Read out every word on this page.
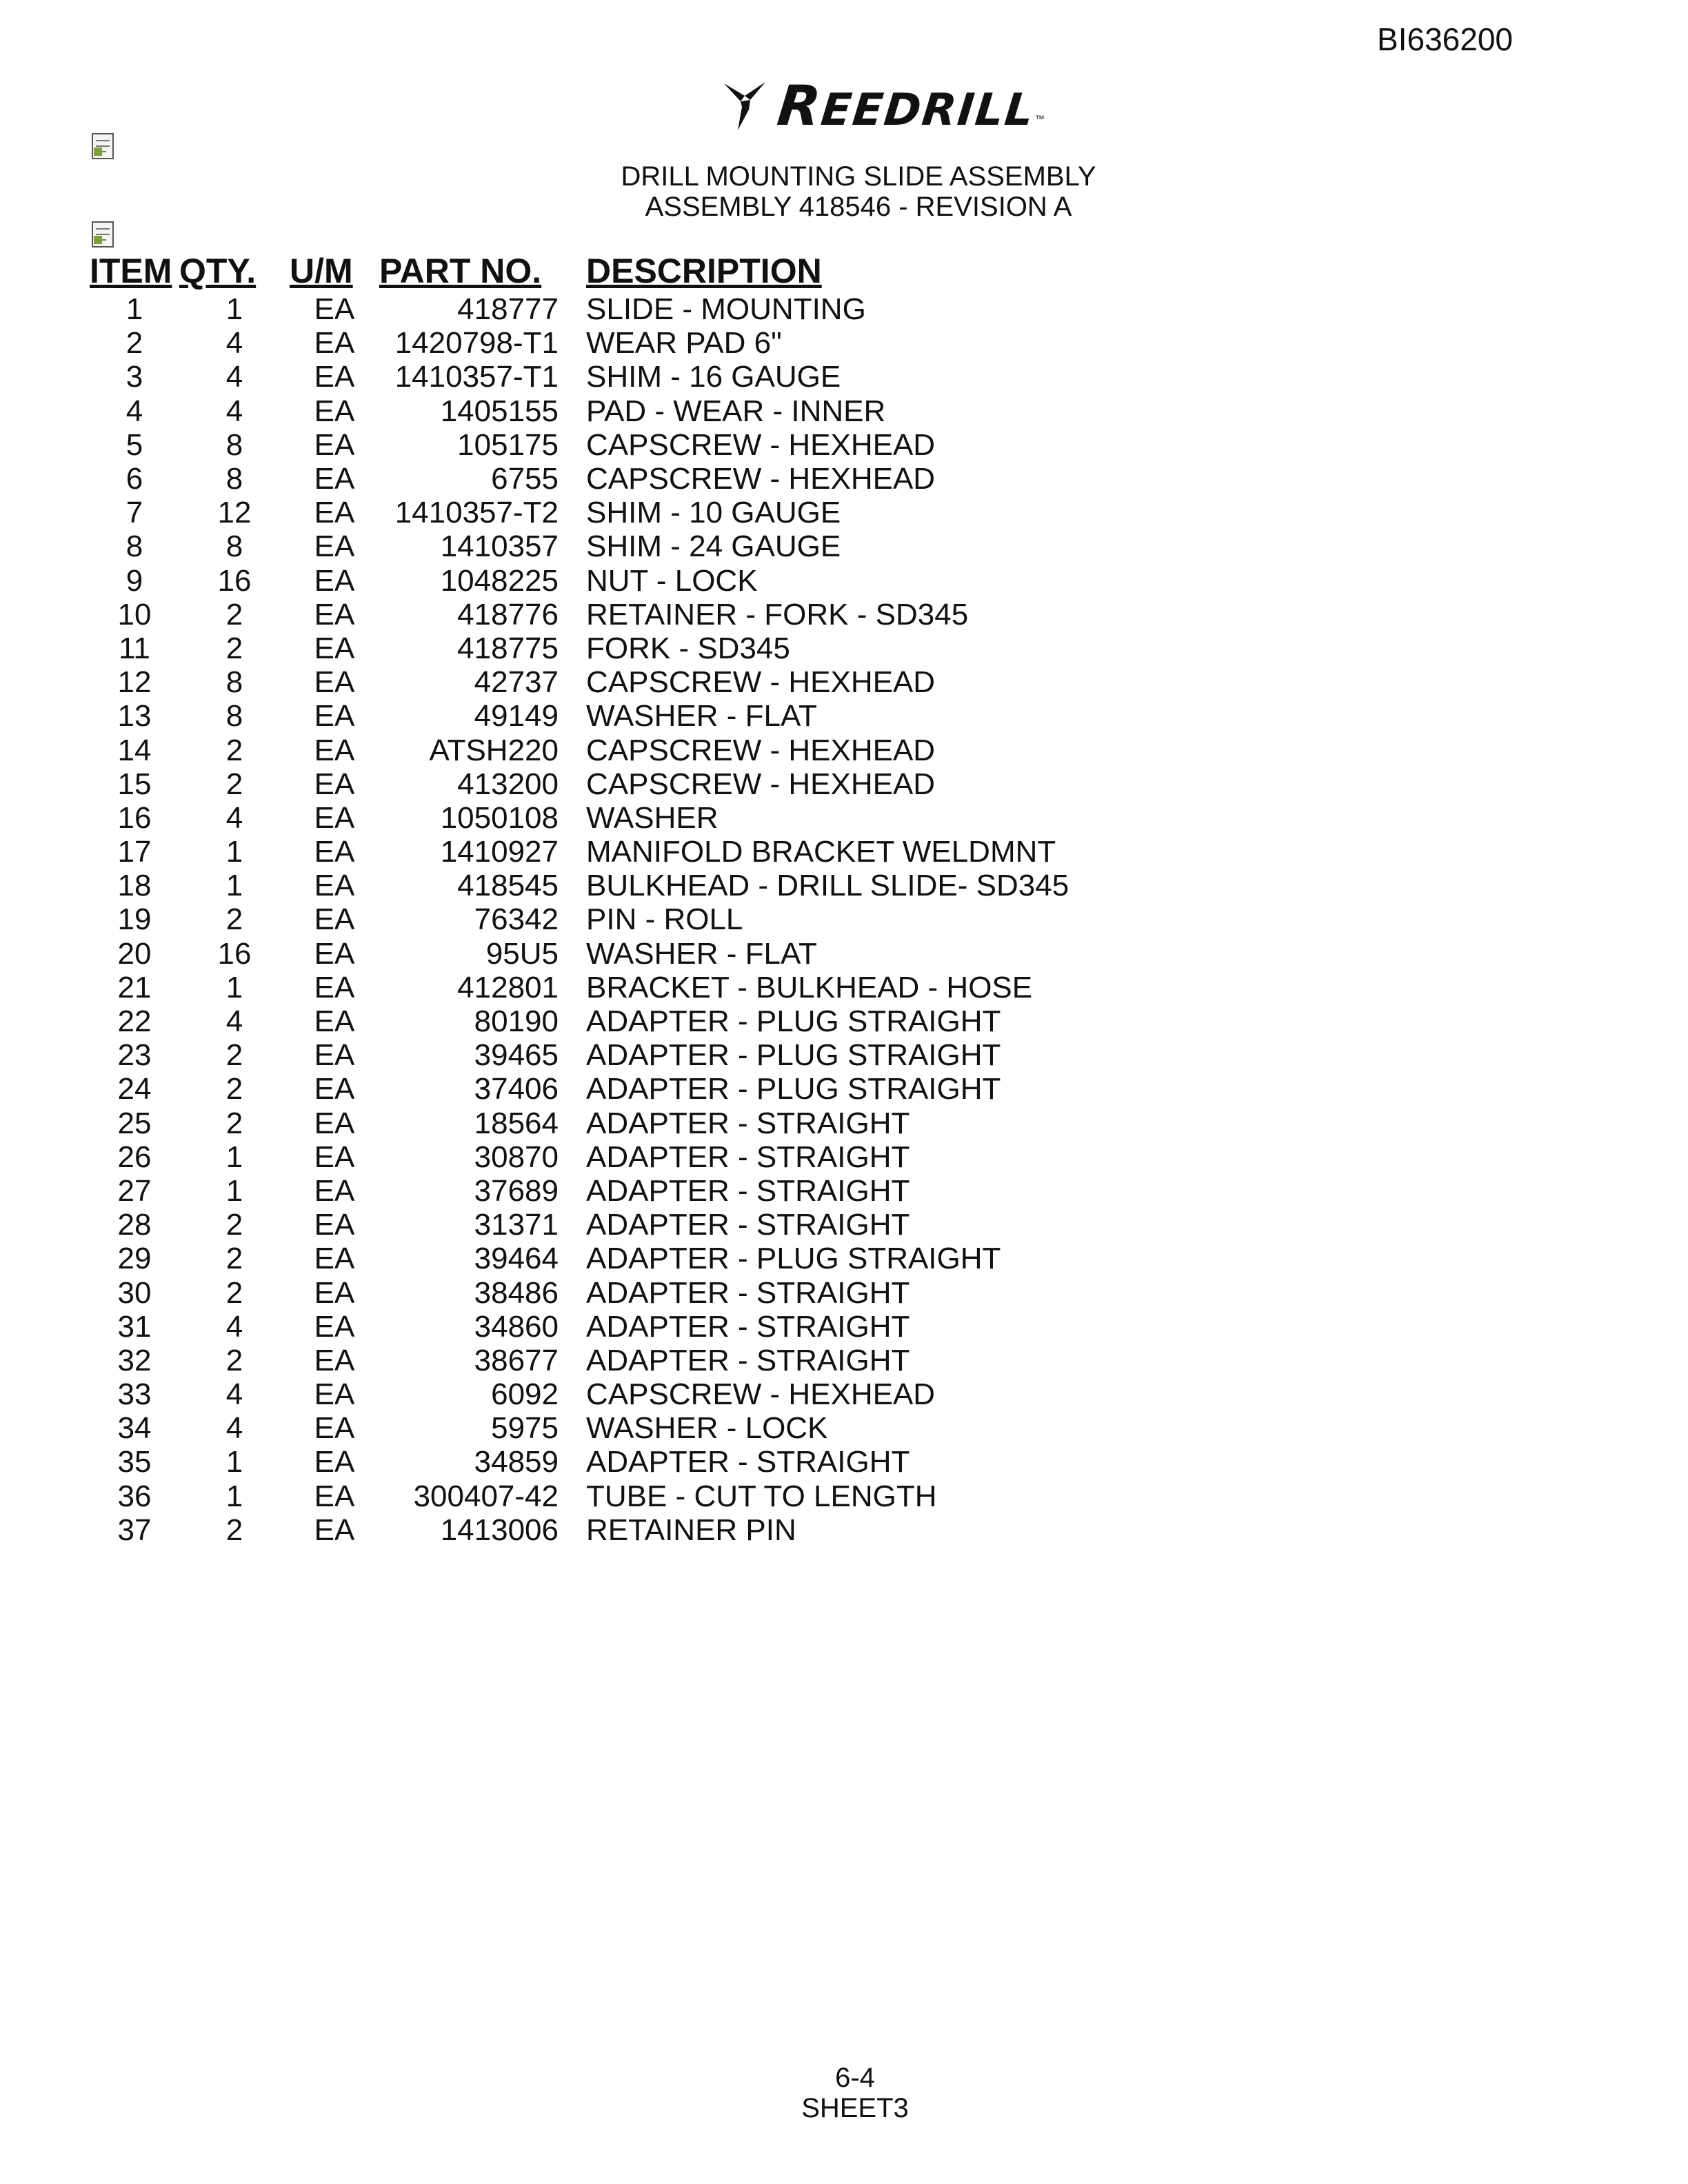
BI636200
REEDRILL
™
DRILL MOUNTING SLIDE ASSEMBLY
ASSEMBLY 418546 - REVISION A
ITEM	QTY.	U/M	PART NO.	DESCRIPTION
1	1	EA	418777	SLIDE - MOUNTING
2	4	EA	1420798-T1	WEAR PAD 6"
3	4	EA	1410357-T1	SHIM - 16 GAUGE
4	4	EA	1405155	PAD - WEAR - INNER
5	8	EA	105175	CAPSCREW - HEXHEAD
6	8	EA	6755	CAPSCREW - HEXHEAD
7	12	EA	1410357-T2	SHIM - 10 GAUGE
8	8	EA	1410357	SHIM - 24 GAUGE
9	16	EA	1048225	NUT - LOCK
10	2	EA	418776	RETAINER - FORK - SD345
11	2	EA	418775	FORK - SD345
12	8	EA	42737	CAPSCREW - HEXHEAD
13	8	EA	49149	WASHER - FLAT
14	2	EA	ATSH220	CAPSCREW - HEXHEAD
15	2	EA	413200	CAPSCREW - HEXHEAD
16	4	EA	1050108	WASHER
17	1	EA	1410927	MANIFOLD BRACKET WELDMNT
18	1	EA	418545	BULKHEAD - DRILL SLIDE- SD345
19	2	EA	76342	PIN - ROLL
20	16	EA	95U5	WASHER - FLAT
21	1	EA	412801	BRACKET - BULKHEAD - HOSE
22	4	EA	80190	ADAPTER - PLUG STRAIGHT
23	2	EA	39465	ADAPTER - PLUG STRAIGHT
24	2	EA	37406	ADAPTER - PLUG STRAIGHT
25	2	EA	18564	ADAPTER - STRAIGHT
26	1	EA	30870	ADAPTER - STRAIGHT
27	1	EA	37689	ADAPTER - STRAIGHT
28	2	EA	31371	ADAPTER - STRAIGHT
29	2	EA	39464	ADAPTER - PLUG STRAIGHT
30	2	EA	38486	ADAPTER - STRAIGHT
31	4	EA	34860	ADAPTER - STRAIGHT
32	2	EA	38677	ADAPTER - STRAIGHT
33	4	EA	6092	CAPSCREW - HEXHEAD
34	4	EA	5975	WASHER - LOCK
35	1	EA	34859	ADAPTER - STRAIGHT
36	1	EA	300407-42	TUBE - CUT TO LENGTH
37	2	EA	1413006	RETAINER PIN
6-4
SHEET3
